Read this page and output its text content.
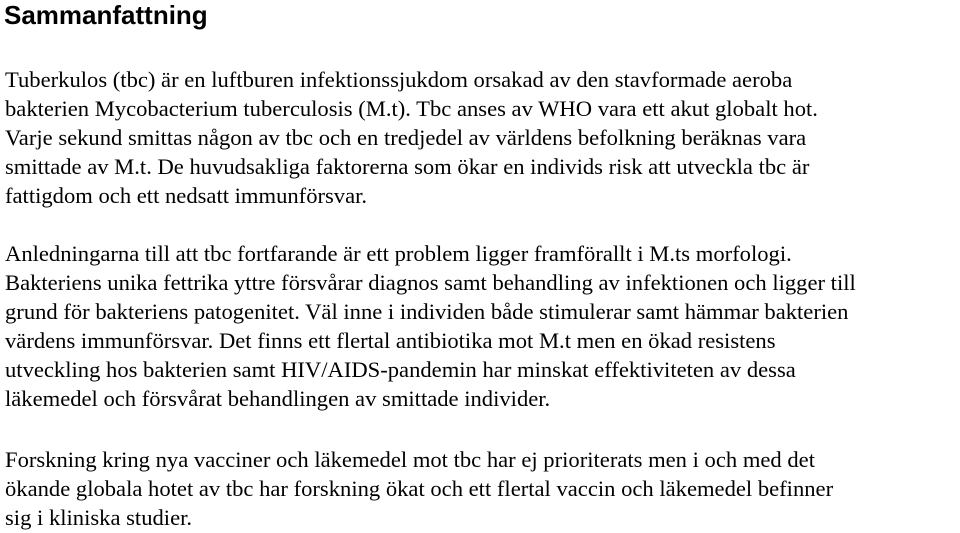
Sammanfattning

Tuberkulos (tbc) är en luftburen infektionssjukdom orsakad av den stavformade aeroba
bakterien Mycobacterium tuberculosis (M.t). Tbc anses av WHO vara ett akut globalt hot.
Varje sekund smittas någon av tbc och en tredjedel av världens befolkning beräknas vara
smittade av M.t. De huvudsakliga faktorerna som ökar en individs risk att utveckla tbc är
fattigdom och ett nedsatt immunförsvar.

Anledningarna till att tbc fortfarande är ett problem ligger framförallt i M.ts morfologi.
Bakteriens unika fettrika yttre försvårar diagnos samt behandling av infektionen och ligger till
grund för bakteriens patogenitet. Väl inne i individen både stimulerar samt hämmar bakterien
värdens immunförsvar. Det finns ett flertal antibiotika mot M.t men en ökad resistens
utveckling hos bakterien samt HIV/AIDS-pandemin har minskat effektiviteten av dessa
läkemedel och försvårat behandlingen av smittade individer.

Forskning kring nya vacciner och läkemedel mot tbc har ej prioriterats men i och med det
ökande globala hotet av tbc har forskning ökat och ett flertal vaccin och läkemedel befinner
sig i kliniska studier.
